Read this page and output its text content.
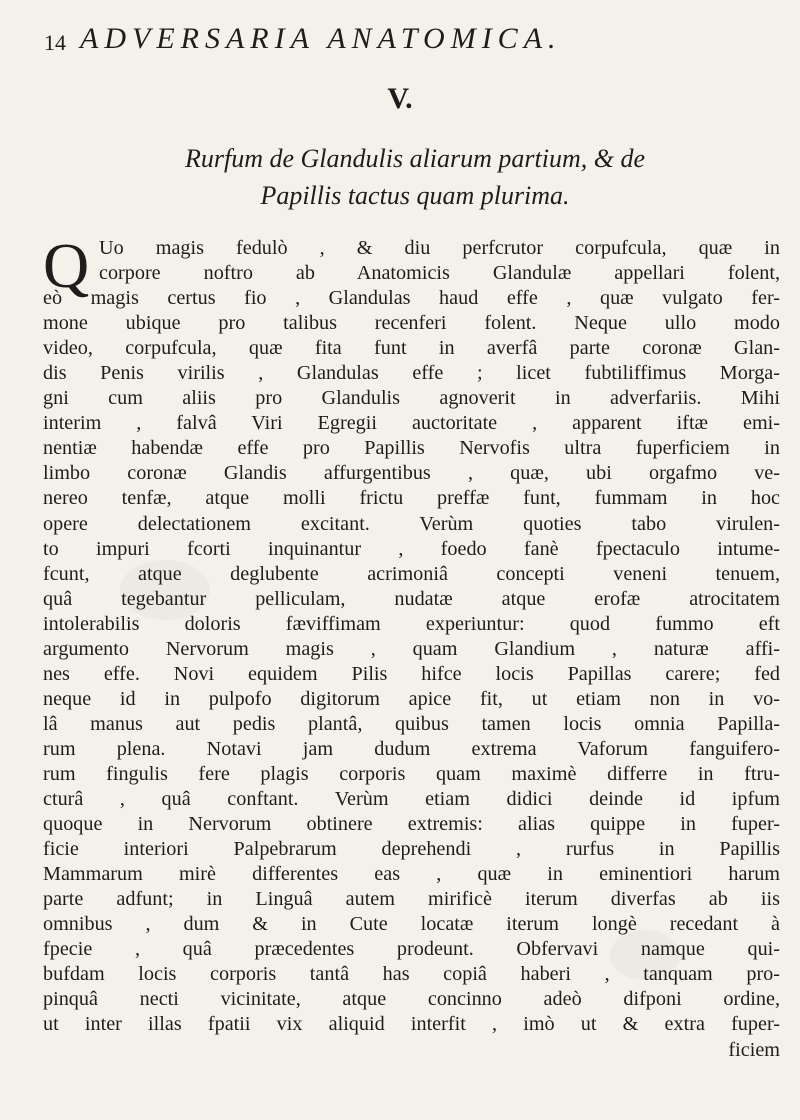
14 ADVERSARIA ANATOMICA.
V.
Rurfum de Glandulis aliarum partium, & de
Papillis tactus quam plurima.
Q Uo magis fedulò , & diu perfcrutor corpufcula, quæ in
corpore noftro ab Anatomicis Glandulæ appellari folent,
eò magis certus fio , Glandulas haud effe , quæ vulgato fer-
mone ubique pro talibus recenferi folent. Neque ullo modo
video, corpufcula, quæ fita funt in averfâ parte coronæ Glan-
dis Penis virilis , Glandulas effe ; licet fubtiliffimus Morga-
gni cum aliis pro Glandulis agnoverit in adverfariis. Mihi
interim , falvâ Viri Egregii auctoritate , apparent iftæ emi-
nentiæ habendæ effe pro Papillis Nervofis ultra fuperficiem in
limbo coronæ Glandis affurgentibus , quæ, ubi orgafmo ve-
nereo tenfæ, atque molli frictu preffæ funt, fummam in hoc
opere delectationem excitant. Verùm quoties tabo virulen-
to impuri fcorti inquinantur , foedo fanè fpectaculo intume-
fcunt, atque deglubente acrimoniâ concepti veneni tenuem,
quâ tegebantur pelliculam, nudatæ atque erofæ atrocitatem
intolerabilis doloris fæviffimam experiuntur: quod fummo eft
argumento Nervorum magis , quam Glandium , naturæ affi-
nes effe. Novi equidem Pilis hifce locis Papillas carere; fed
neque id in pulpofo digitorum apice fit, ut etiam non in vo-
lâ manus aut pedis plantâ, quibus tamen locis omnia Papilla-
rum plena. Notavi jam dudum extrema Vaforum fanguifero-
rum fingulis fere plagis corporis quam maximè differre in ftru-
cturâ , quâ conftant. Verùm etiam didici deinde id ipfum
quoque in Nervorum obtinere extremis: alias quippe in fuper-
ficie interiori Palpebrarum deprehendi , rurfus in Papillis
Mammarum mirè differentes eas , quæ in eminentiori harum
parte adfunt; in Linguâ autem mirificè iterum diverfas ab iis
omnibus , dum & in Cute locatæ iterum longè recedant à
fpecie , quâ præcedentes prodeunt. Obfervavi namque qui-
bufdam locis corporis tantâ has copiâ haberi , tanquam pro-
pinquâ necti vicinitate, atque concinno adeò difponi ordine,
ut inter illas fpatii vix aliquid interfit , imò ut & extra fuper-
ficiem
